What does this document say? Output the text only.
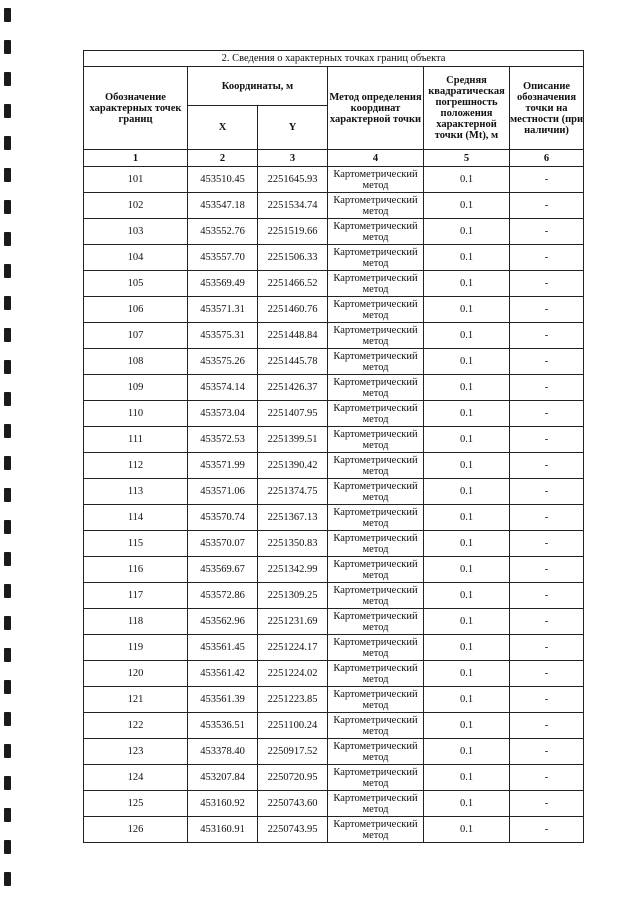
2. Сведения о характерных точках границ объекта					
Обозначение характерных точек границ	Координаты, м		Метод определения координат характерной точки	Средняя квадратическая погрешность положения характерной точки (Mt), м	Описание обозначения точки на местности (при наличии)
	X	Y			
1	2	3	4	5	6
101	453510.45	2251645.93	Картометрический метод	0.1	-
102	453547.18	2251534.74	Картометрический метод	0.1	-
103	453552.76	2251519.66	Картометрический метод	0.1	-
104	453557.70	2251506.33	Картометрический метод	0.1	-
105	453569.49	2251466.52	Картометрический метод	0.1	-
106	453571.31	2251460.76	Картометрический метод	0.1	-
107	453575.31	2251448.84	Картометрический метод	0.1	-
108	453575.26	2251445.78	Картометрический метод	0.1	-
109	453574.14	2251426.37	Картометрический метод	0.1	-
110	453573.04	2251407.95	Картометрический метод	0.1	-
111	453572.53	2251399.51	Картометрический метод	0.1	-
112	453571.99	2251390.42	Картометрический метод	0.1	-
113	453571.06	2251374.75	Картометрический метод	0.1	-
114	453570.74	2251367.13	Картометрический метод	0.1	-
115	453570.07	2251350.83	Картометрический метод	0.1	-
116	453569.67	2251342.99	Картометрический метод	0.1	-
117	453572.86	2251309.25	Картометрический метод	0.1	-
118	453562.96	2251231.69	Картометрический метод	0.1	-
119	453561.45	2251224.17	Картометрический метод	0.1	-
120	453561.42	2251224.02	Картометрический метод	0.1	-
121	453561.39	2251223.85	Картометрический метод	0.1	-
122	453536.51	2251100.24	Картометрический метод	0.1	-
123	453378.40	2250917.52	Картометрический метод	0.1	-
124	453207.84	2250720.95	Картометрический метод	0.1	-
125	453160.92	2250743.60	Картометрический метод	0.1	-
126	453160.91	2250743.95	Картометрический метод	0.1	-
